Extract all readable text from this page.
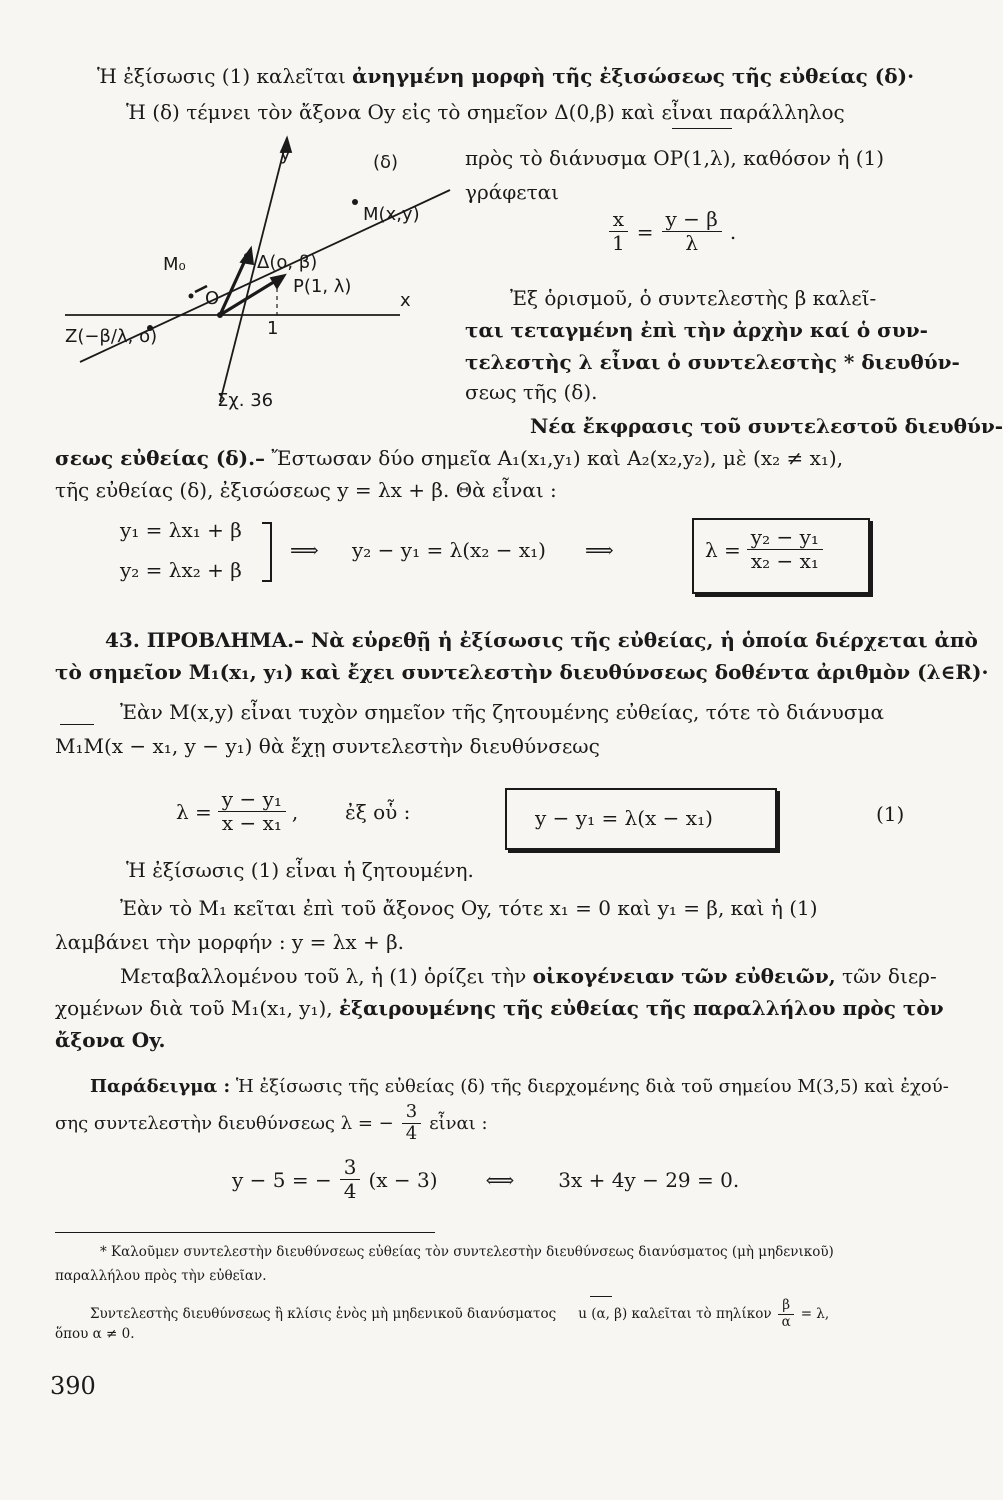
Ἡ ἐξίσωσις (1) καλεῖται ἀνηγμένη μορφὴ τῆς ἐξισώσεως τῆς εὐθείας (δ)·
Ἡ (δ) τέμνει τὸν ἄξονα Οy εἰς τὸ σημεῖον Δ(0,β) καὶ εἶναι παράλληλος
y	(δ)
M(x,y)
M₀	Δ(o, β)
P(1, λ)
O	x
Z(−β/λ, o)	1
Σχ. 36
πρὸς τὸ διάνυσμα OP(1,λ), καθόσον ἡ (1)
γράφεται
$\frac{x}{1} = \frac{y - \beta}{\lambda}$ .
Ἐξ ὁρισμοῦ, ὁ συντελεστὴς β καλεῖ-
ται τεταγμένη ἐπὶ τὴν ἀρχὴν καί ὁ συν-
τελεστὴς λ εἶναι ὁ συντελεστὴς * διευθύν-
σεως τῆς (δ).
Νέα ἔκφρασις τοῦ συντελεστοῦ διευθύν-
σεως εὐθείας (δ).– Ἔστωσαν δύο σημεῖα A₁(x₁,y₁) καὶ A₂(x₂,y₂), μὲ (x₂ ≠ x₁),
τῆς εὐθείας (δ), ἐξισώσεως y = λx + β. Θὰ εἶναι :
y₁ = λx₁ + β
y₂ = λx₂ + β
⟹ y₂ − y₁ = λ(x₂ − x₁) ⟹	$\lambda = \frac{\text{y₂ − y₁}}{\text{x₂ − x₁}}$
43. ΠΡΟΒΛΗΜΑ.– Νὰ εὑρεθῇ ἡ ἐξίσωσις τῆς εὐθείας, ἡ ὁποία διέρχεται ἀπὸ
τὸ σημεῖον M₁(x₁, y₁) καὶ ἔχει συντελεστὴν διευθύνσεως δοθέντα ἀριθμὸν (λ∈R)·
Ἐὰν M(x,y) εἶναι τυχὸν σημεῖον τῆς ζητουμένης εὐθείας, τότε τὸ διάνυσμα
M₁M(x − x₁, y − y₁) θὰ ἔχῃ συντελεστὴν διευθύνσεως
$\lambda = \frac{\text{y − y₁}}{\text{x − x₁}}$ , ἐξ οὗ :	y − y₁ = λ(x − x₁)	(1)
Ἡ ἐξίσωσις (1) εἶναι ἡ ζητουμένη.
Ἐὰν τὸ M₁ κεῖται ἐπὶ τοῦ ἄξονος Οy, τότε x₁ = 0 καὶ y₁ = β, καὶ ἡ (1)
λαμβάνει τὴν μορφήν : y = λx + β.
Μεταβαλλομένου τοῦ λ, ἡ (1) ὁρίζει τὴν οἰκογένειαν τῶν εὐθειῶν, τῶν διερ-
χομένων διὰ τοῦ M₁(x₁, y₁), ἐξαιρουμένης τῆς εὐθείας τῆς παραλλήλου πρὸς τὸν
ἄξονα Οy.
Παράδειγμα : Ἡ ἐξίσωσις τῆς εὐθείας (δ) τῆς διερχομένης διὰ τοῦ σημείου M(3,5) καὶ ἐχού-
σης συντελεστὴν διευθύνσεως λ = − $\frac{3}{4}$ εἶναι :
y − 5 = − $\frac{3}{4} (x - 3)$ ⟺ 3x + 4y − 29 = 0.
* Καλοῦμεν συντελεστὴν διευθύνσεως εὐθείας τὸν συντελεστὴν διευθύνσεως διανύσματος (μὴ μηδενικοῦ)
παραλλήλου πρὸς τὴν εὐθεῖαν.
Συντελεστὴς διευθύνσεως ἢ κλίσις ἑνὸς μὴ μηδενικοῦ διανύσματος u (α, β) καλεῖται τὸ πηλίκον $\frac{\beta}{\alpha} = \lambda$,
ὅπου α ≠ 0.
390
